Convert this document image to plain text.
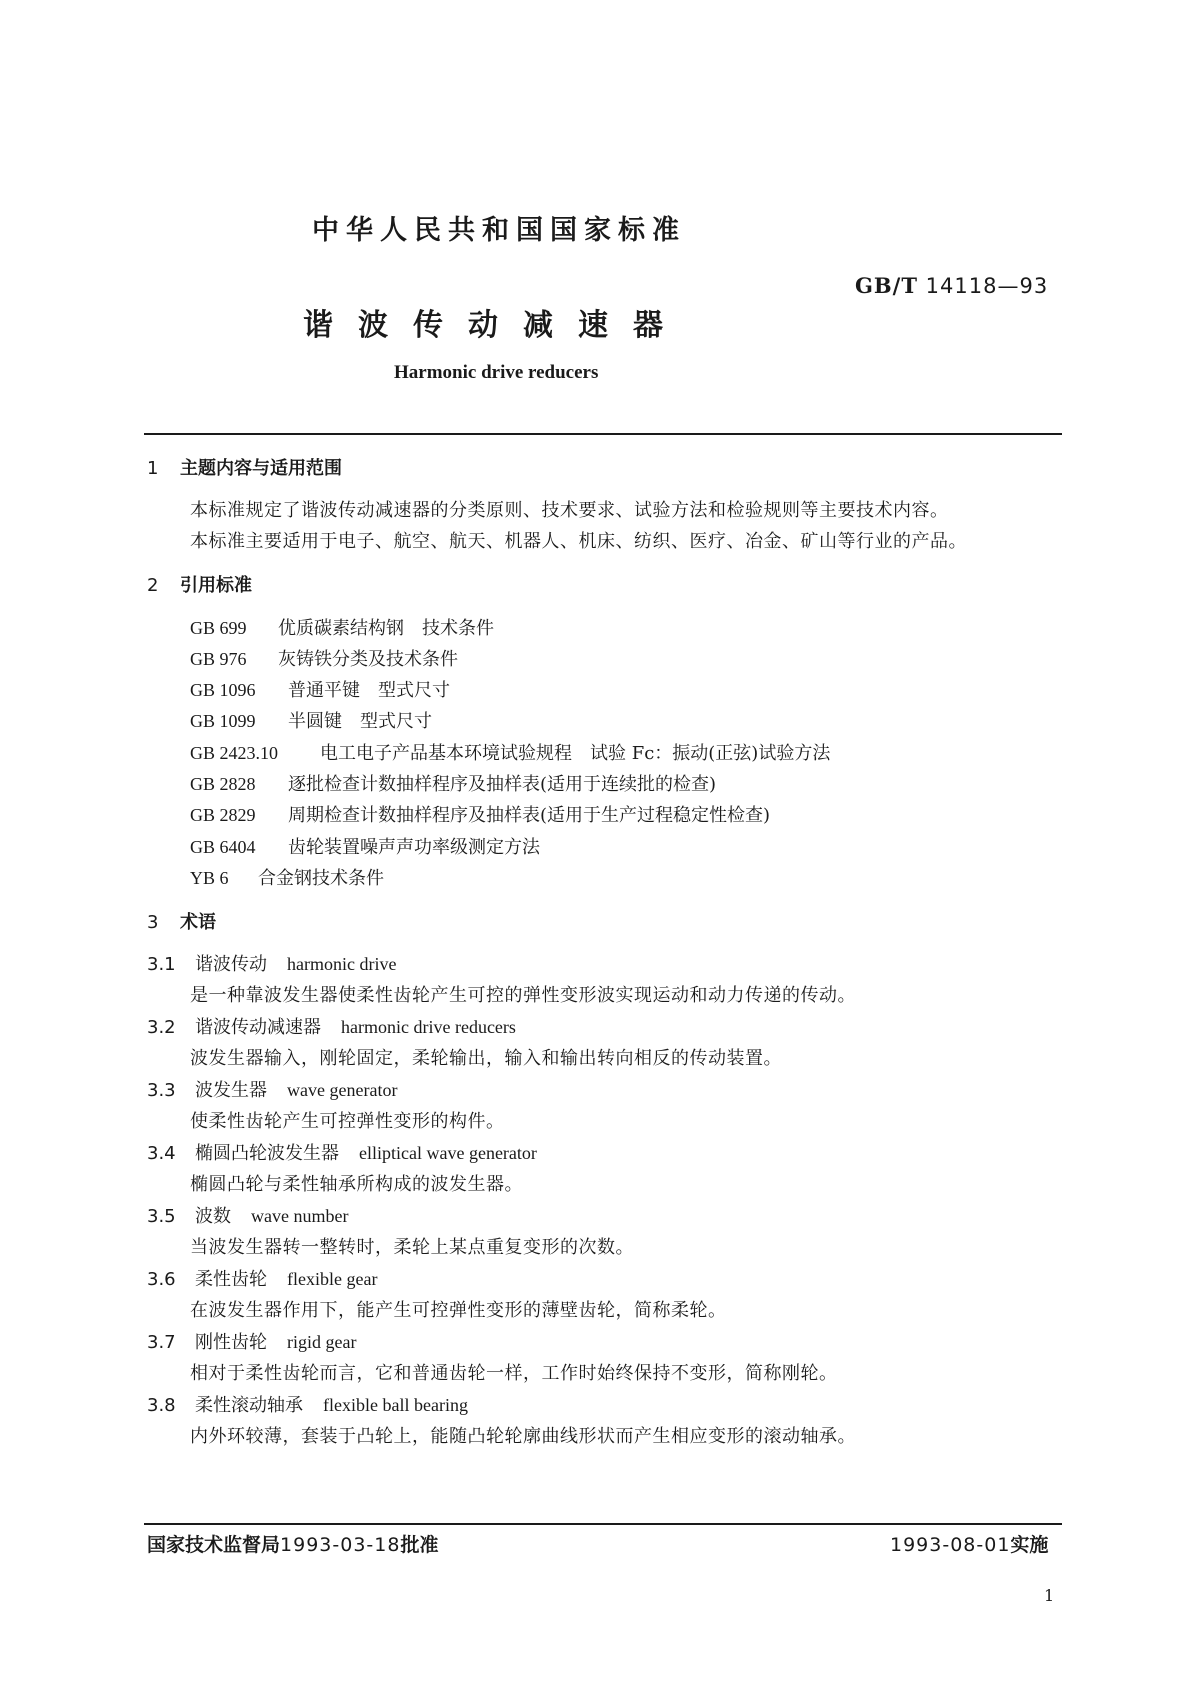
中华人民共和国国家标准
GB/T 14118—93
谐波传动减速器
Harmonic drive reducers
1 主题内容与适用范围
本标准规定了谐波传动减速器的分类原则、技术要求、试验方法和检验规则等主要技术内容。
本标准主要适用于电子、航空、航天、机器人、机床、纺织、医疗、冶金、矿山等行业的产品。
2 引用标准
GB 699 优质碳素结构钢　技术条件
GB 976 灰铸铁分类及技术条件
GB 1096 普通平键　型式尺寸
GB 1099 半圆键　型式尺寸
GB 2423.10 电工电子产品基本环境试验规程　试验 Fc：振动(正弦)试验方法
GB 2828 逐批检查计数抽样程序及抽样表(适用于连续批的检查)
GB 2829 周期检查计数抽样程序及抽样表(适用于生产过程稳定性检查)
GB 6404 齿轮装置噪声声功率级测定方法
YB 6 合金钢技术条件
3 术语
3.1 谐波传动 harmonic drive
是一种靠波发生器使柔性齿轮产生可控的弹性变形波实现运动和动力传递的传动。
3.2 谐波传动减速器 harmonic drive reducers
波发生器输入，刚轮固定，柔轮输出，输入和输出转向相反的传动装置。
3.3 波发生器 wave generator
使柔性齿轮产生可控弹性变形的构件。
3.4 椭圆凸轮波发生器 elliptical wave generator
椭圆凸轮与柔性轴承所构成的波发生器。
3.5 波数 wave number
当波发生器转一整转时，柔轮上某点重复变形的次数。
3.6 柔性齿轮 flexible gear
在波发生器作用下，能产生可控弹性变形的薄壁齿轮，简称柔轮。
3.7 刚性齿轮 rigid gear
相对于柔性齿轮而言，它和普通齿轮一样，工作时始终保持不变形，简称刚轮。
3.8 柔性滚动轴承 flexible ball bearing
内外环较薄，套装于凸轮上，能随凸轮轮廓曲线形状而产生相应变形的滚动轴承。
国家技术监督局1993-03-18批准	1993-08-01实施
1
